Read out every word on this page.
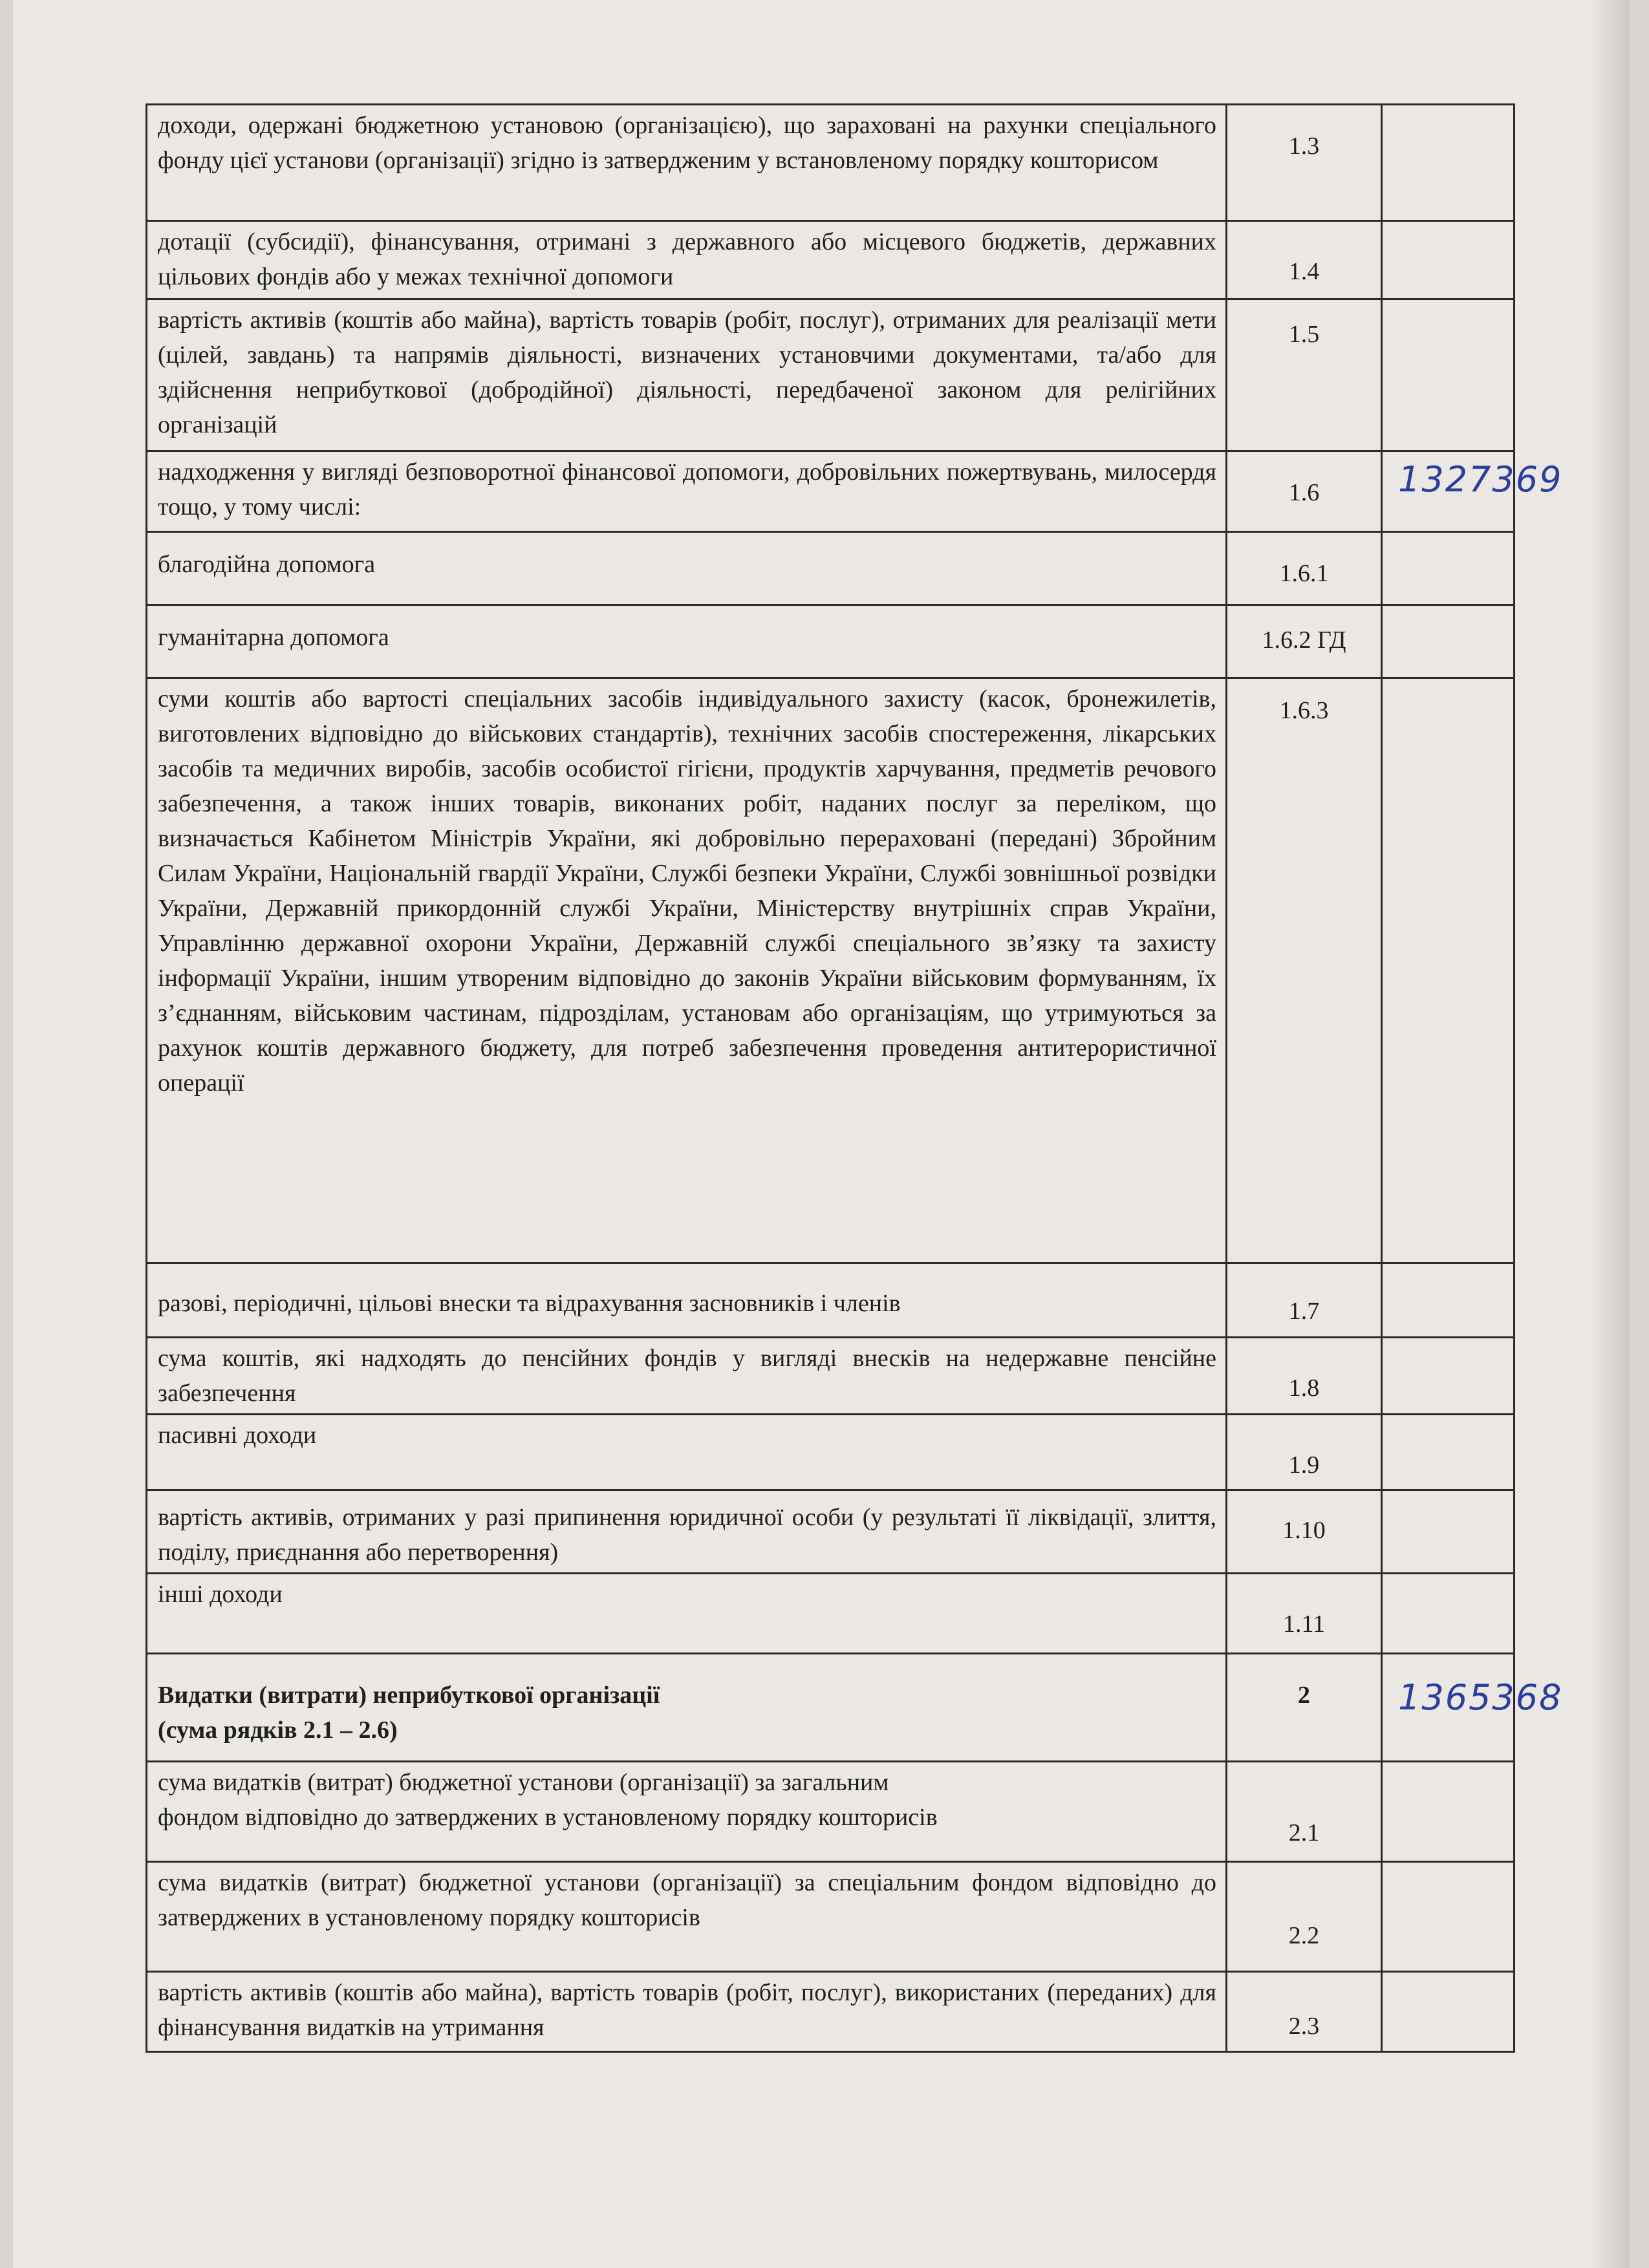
доходи, одержані бюджетною установою (організацією), що зараховані на рахунки спеціального фонду цієї установи (організації) згідно із затвердженим у встановленому порядку кошторисом	1.3	

дотації (субсидії), фінансування, отримані з державного або місцевого бюджетів, державних цільових фондів або у межах технічної допомоги	1.4	

вартість активів (коштів або майна), вартість товарів (робіт, послуг), отриманих для реалізації мети (цілей, завдань) та напрямів діяльності, визначених установчими документами, та/або для здійснення неприбуткової (добродійної) діяльності, передбаченої законом для релігійних організацій	1.5	

надходження у вигляді безповоротної фінансової допомоги, добровільних пожертвувань, милосердя тощо, у тому числі:	1.6	1327369

благодійна допомога	1.6.1	

гуманітарна допомога	1.6.2 ГД	

суми коштів або вартості спеціальних засобів індивідуального захисту (касок, бронежилетів, виготовлених відповідно до військових стандартів), технічних засобів спостереження, лікарських засобів та медичних виробів, засобів особистої гігієни, продуктів харчування, предметів речового забезпечення, а також інших товарів, виконаних робіт, наданих послуг за переліком, що визначається Кабінетом Міністрів України, які добровільно перераховані (передані) Збройним Силам України, Національній гвардії України, Службі безпеки України, Службі зовнішньої розвідки України, Державній прикордонній службі України, Міністерству внутрішніх справ України, Управлінню державної охорони України, Державній службі спеціального зв’язку та захисту інформації України, іншим утвореним відповідно до законів України військовим формуванням, їх з’єднанням, військовим частинам, підрозділам, установам або організаціям, що утримуються за рахунок коштів державного бюджету, для потреб забезпечення проведення антитерористичної операції	1.6.3	

разові, періодичні, цільові внески та відрахування засновників і членів	1.7	

сума коштів, які надходять до пенсійних фондів у вигляді внесків на недержавне пенсійне забезпечення	1.8	

пасивні доходи	1.9	

вартість активів, отриманих у разі припинення юридичної особи (у результаті її ліквідації, злиття, поділу, приєднання або перетворення)	1.10	

інші доходи	1.11	

Видатки (витрати) неприбуткової організації
(сума рядків 2.1 – 2.6)	2	1365368

сума видатків (витрат) бюджетної установи (організації) за загальним
фондом відповідно до затверджених в установленому порядку кошторисів	2.1	

сума видатків (витрат) бюджетної установи (організації) за спеціальним фондом відповідно до затверджених в установленому порядку кошторисів	2.2	

вартість активів (коштів або майна), вартість товарів (робіт, послуг), використаних (переданих) для фінансування видатків на утримання	2.3	
